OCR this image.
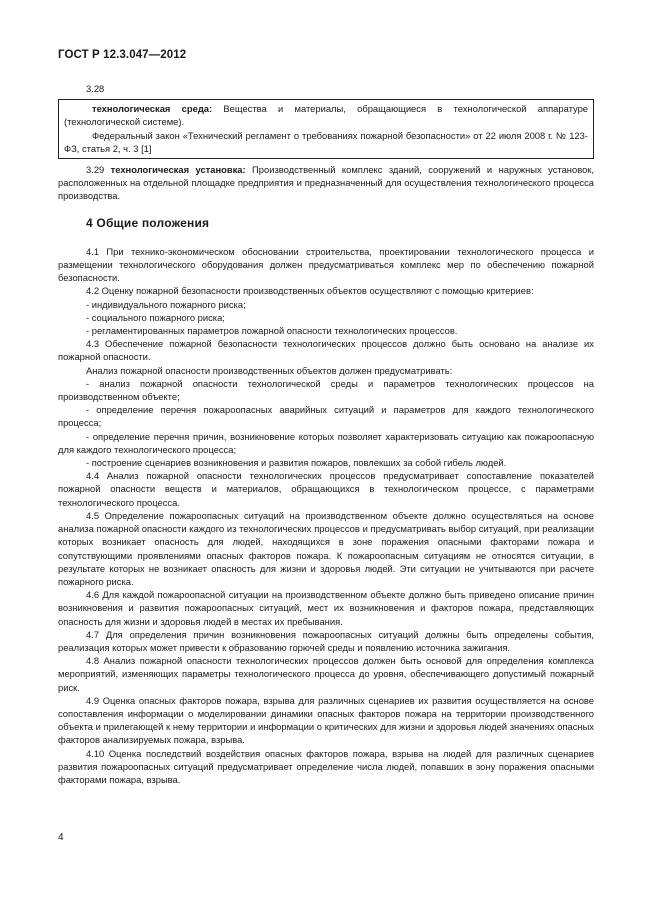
ГОСТ Р 12.3.047—2012

3.28

технологическая среда: Вещества и материалы, обращающиеся в технологической аппаратуре (технологической системе).

Федеральный закон «Технический регламент о требованиях пожарной безопасности» от 22 июля 2008 г. № 123-ФЗ, статья 2, ч. 3 [1]

3.29 технологическая установка: Производственный комплекс зданий, сооружений и наружных установок, расположенных на отдельной площадке предприятия и предназначенный для осуществления технологического процесса производства.

4 Общие положения

4.1 При технико-экономическом обосновании строительства, проектировании технологического процесса и размещении технологического оборудования должен предусматриваться комплекс мер по обеспечению пожарной безопасности.

4.2 Оценку пожарной безопасности производственных объектов осуществляют с помощью критериев:

- индивидуального пожарного риска;

- социального пожарного риска;

- регламентированных параметров пожарной опасности технологических процессов.

4.3 Обеспечение пожарной безопасности технологических процессов должно быть основано на анализе их пожарной опасности.

Анализ пожарной опасности производственных объектов должен предусматривать:

- анализ пожарной опасности технологической среды и параметров технологических процессов на производственном объекте;

- определение перечня пожароопасных аварийных ситуаций и параметров для каждого технологического процесса;

- определение перечня причин, возникновение которых позволяет характеризовать ситуацию как пожароопасную для каждого технологического процесса;

- построение сценариев возникновения и развития пожаров, повлекших за собой гибель людей.

4.4 Анализ пожарной опасности технологических процессов предусматривает сопоставление показателей пожарной опасности веществ и материалов, обращающихся в технологическом процессе, с параметрами технологического процесса.

4.5 Определение пожароопасных ситуаций на производственном объекте должно осуществляться на основе анализа пожарной опасности каждого из технологических процессов и предусматривать выбор ситуаций, при реализации которых возникает опасность для людей, находящихся в зоне поражения опасными факторами пожара и сопутствующими проявлениями опасных факторов пожара. К пожароопасным ситуациям не относятся ситуации, в результате которых не возникает опасность для жизни и здоровья людей. Эти ситуации не учитываются при расчете пожарного риска.

4.6 Для каждой пожароопасной ситуации на производственном объекте должно быть приведено описание причин возникновения и развития пожароопасных ситуаций, мест их возникновения и факторов пожара, представляющих опасность для жизни и здоровья людей в местах их пребывания.

4.7 Для определения причин возникновения пожароопасных ситуаций должны быть определены события, реализация которых может привести к образованию горючей среды и появлению источника зажигания.

4.8 Анализ пожарной опасности технологических процессов должен быть основой для определения комплекса мероприятий, изменяющих параметры технологического процесса до уровня, обеспечивающего допустимый пожарный риск.

4.9 Оценка опасных факторов пожара, взрыва для различных сценариев их развития осуществляется на основе сопоставления информации о моделировании динамики опасных факторов пожара на территории производственного объекта и прилегающей к нему территории и информации о критических для жизни и здоровья людей значениях опасных факторов анализируемых пожара, взрыва.

4.10 Оценка последствий воздействия опасных факторов пожара, взрыва на людей для различных сценариев развития пожароопасных ситуаций предусматривает определение числа людей, попавших в зону поражения опасными факторами пожара, взрыва.

4
